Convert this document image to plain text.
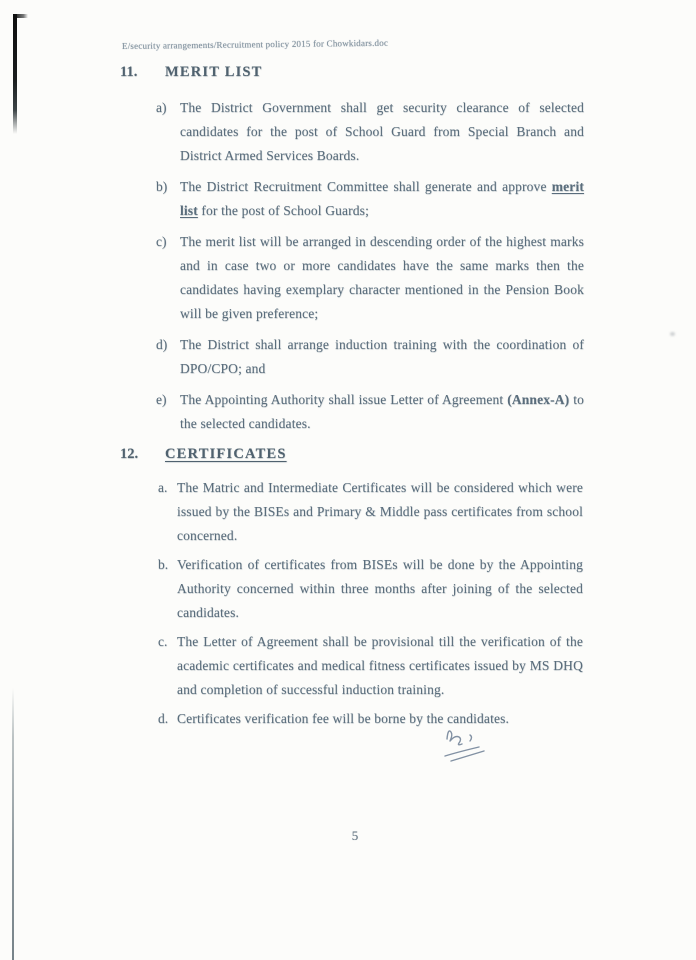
E/security arrangements/Recruitment policy 2015 for Chowkidars.doc
11. MERIT LIST
a)	The District Government shall get security clearance of selected candidates for the post of School Guard from Special Branch and District Armed Services Boards.
b) The District Recruitment Committee shall generate and approve merit list for the post of School Guards;
c)	The merit list will be arranged in descending order of the highest marks and in case two or more candidates have the same marks then the candidates having exemplary character mentioned in the Pension Book will be given preference;
d) The District shall arrange induction training with the coordination of DPO/CPO; and
e)	The Appointing Authority shall issue Letter of Agreement (Annex-A) to the selected candidates.
12. CERTIFICATES
a. The Matric and Intermediate Certificates will be considered which were issued by the BISEs and Primary & Middle pass certificates from school concerned.
b. Verification of certificates from BISEs will be done by the Appointing Authority concerned within three months after joining of the selected candidates.
c. The Letter of Agreement shall be provisional till the verification of the academic certificates and medical fitness certificates issued by MS DHQ and completion of successful induction training.
d. Certificates verification fee will be borne by the candidates.
5
